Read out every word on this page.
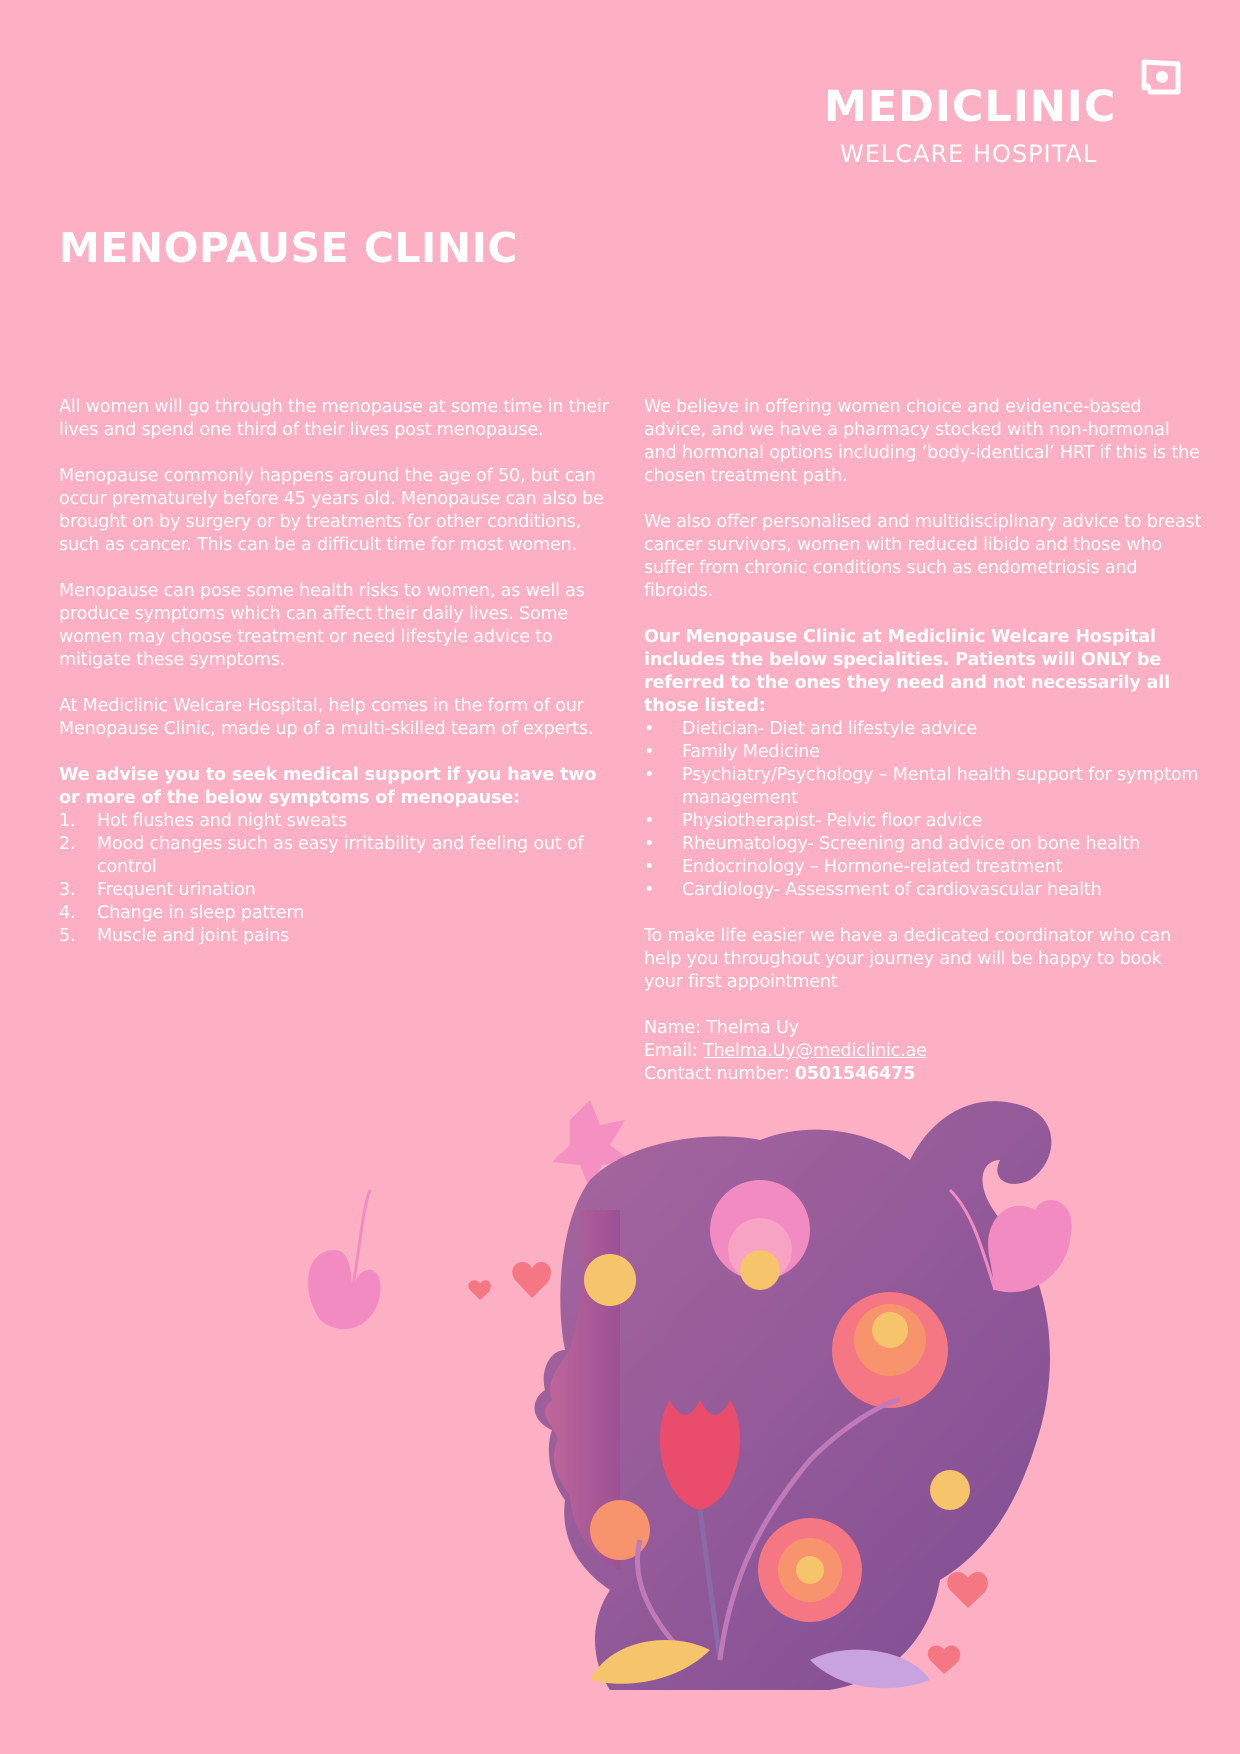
MEDICLINIC
WELCARE HOSPITAL
MENOPAUSE CLINIC

All women will go through the menopause at some time in their lives and spend one third of their lives post menopause.

Menopause commonly happens around the age of 50, but can occur prematurely before 45 years old. Menopause can also be brought on by surgery or by treatments for other conditions, such as cancer. This can be a difficult time for most women.

Menopause can pose some health risks to women, as well as produce symptoms which can affect their daily lives. Some women may choose treatment or need lifestyle advice to mitigate these symptoms.

At Mediclinic Welcare Hospital, help comes in the form of our Menopause Clinic, made up of a multi-skilled team of experts.

We advise you to seek medical support if you have two or more of the below symptoms of menopause:

1.	Hot flushes and night sweats
2.	Mood changes such as easy irritability and feeling out of control
3.	Frequent urination
4.	Change in sleep pattern
5.	Muscle and joint pains

We believe in offering women choice and evidence-based advice, and we have a pharmacy stocked with non-hormonal and hormonal options including ‘body-identical’ HRT if this is the chosen treatment path.

We also offer personalised and multidisciplinary advice to breast cancer survivors, women with reduced libido and those who suffer from chronic conditions such as endometriosis and fibroids.

Our Menopause Clinic at Mediclinic Welcare Hospital includes the below specialities. Patients will ONLY be referred to the ones they need and not necessarily all those listed:

•	Dietician- Diet and lifestyle advice
•	Family Medicine
•	Psychiatry/Psychology – Mental health support for symptom management
•	Physiotherapist- Pelvic floor advice
•	Rheumatology- Screening and advice on bone health
•	Endocrinology – Hormone-related treatment
•	Cardiology- Assessment of cardiovascular health

To make life easier we have a dedicated coordinator who can help you throughout your journey and will be happy to book your first appointment

Name: Thelma Uy
Email: Thelma.Uy@mediclinic.ae
Contact number: 0501546475
